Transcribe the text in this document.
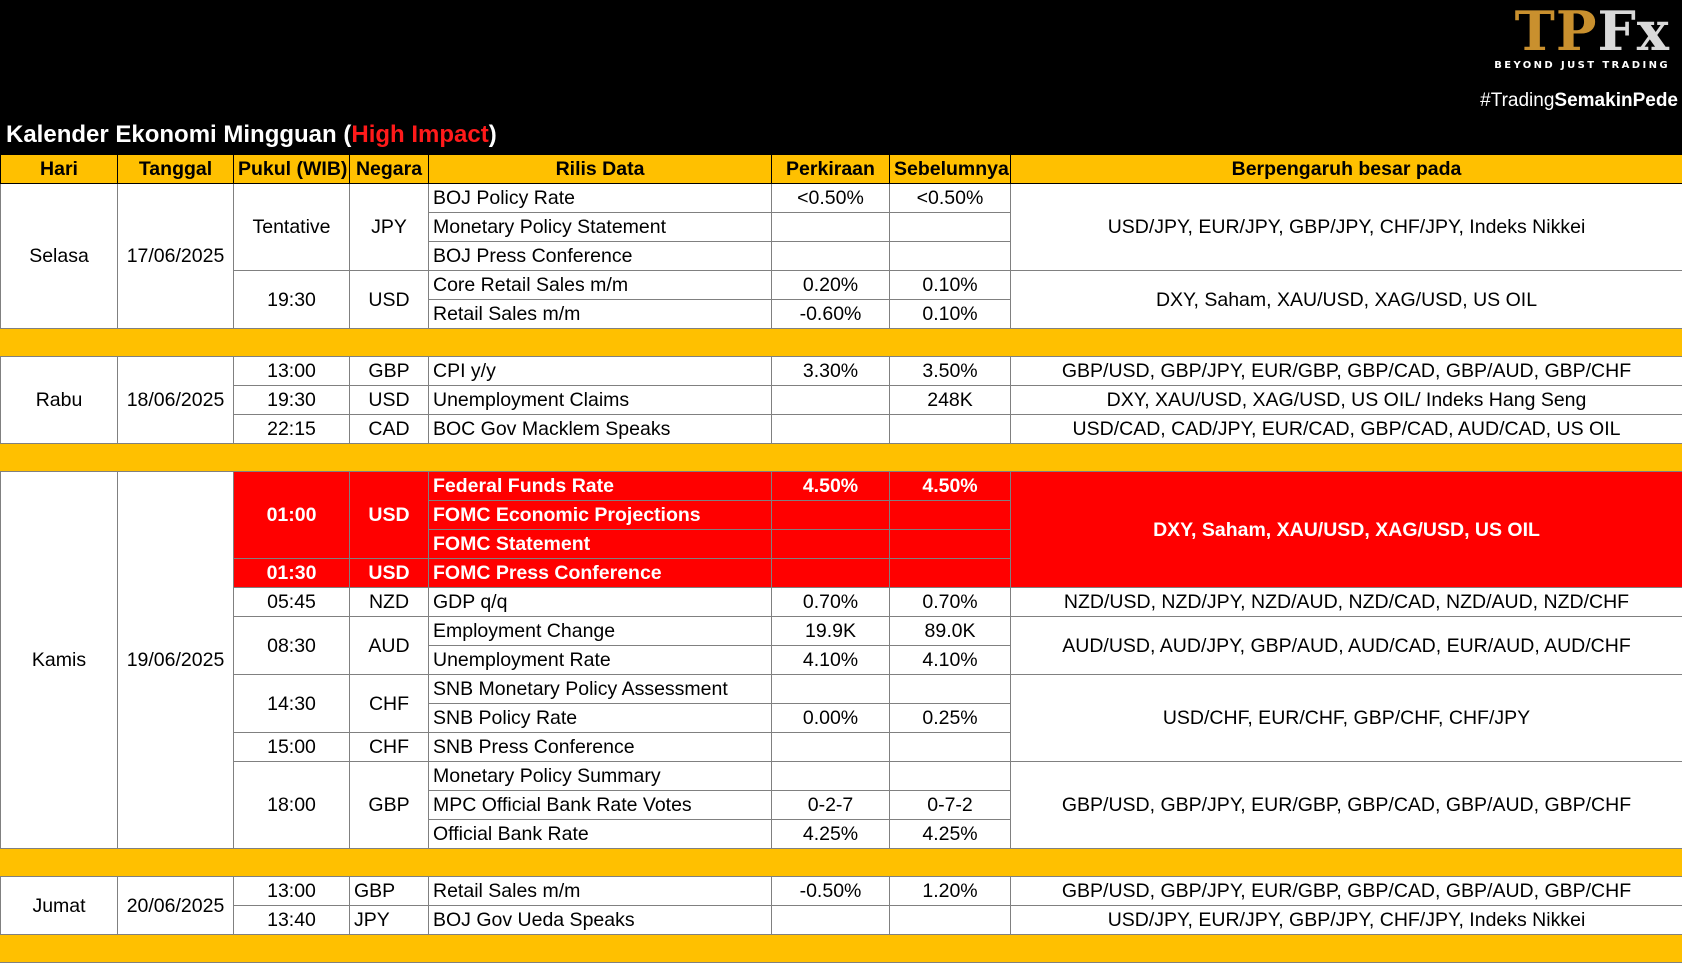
TPFx
BEYOND JUST TRADING
#TradingSemakinPede
Kalender Ekonomi Mingguan (High Impact)
Hari	Tanggal	Pukul (WIB)	Negara	Rilis Data	Perkiraan	Sebelumnya	Berpengaruh besar pada
Selasa	17/06/2025	Tentative	JPY	BOJ Policy Rate	<0.50%	<0.50%	USD/JPY, EUR/JPY, GBP/JPY, CHF/JPY, Indeks Nikkei
				Monetary Policy Statement			
				BOJ Press Conference			
		19:30	USD	Core Retail Sales m/m	0.20%	0.10%	DXY, Saham, XAU/USD, XAG/USD, US OIL
				Retail Sales m/m	-0.60%	0.10%	

Rabu	18/06/2025	13:00	GBP	CPI y/y	3.30%	3.50%	GBP/USD, GBP/JPY, EUR/GBP, GBP/CAD, GBP/AUD, GBP/CHF
		19:30	USD	Unemployment Claims		248K	DXY, XAU/USD, XAG/USD, US OIL/ Indeks Hang Seng
		22:15	CAD	BOC Gov Macklem Speaks			USD/CAD, CAD/JPY, EUR/CAD, GBP/CAD, AUD/CAD, US OIL

Kamis	19/06/2025	01:00	USD	Federal Funds Rate	4.50%	4.50%	DXY, Saham, XAU/USD, XAG/USD, US OIL
				FOMC Economic Projections			
				FOMC Statement			
		01:30	USD	FOMC Press Conference			
		05:45	NZD	GDP q/q	0.70%	0.70%	NZD/USD, NZD/JPY, NZD/AUD, NZD/CAD, NZD/AUD, NZD/CHF
		08:30	AUD	Employment Change	19.9K	89.0K	AUD/USD, AUD/JPY, GBP/AUD, AUD/CAD, EUR/AUD, AUD/CHF
				Unemployment Rate	4.10%	4.10%	
		14:30	CHF	SNB Monetary Policy Assessment			USD/CHF, EUR/CHF, GBP/CHF, CHF/JPY
				SNB Policy Rate	0.00%	0.25%	
		15:00	CHF	SNB Press Conference			
		18:00	GBP	Monetary Policy Summary			GBP/USD, GBP/JPY, EUR/GBP, GBP/CAD, GBP/AUD, GBP/CHF
				MPC Official Bank Rate Votes	0-2-7	0-7-2	
				Official Bank Rate	4.25%	4.25%	

Jumat	20/06/2025	13:00	GBP	Retail Sales m/m	-0.50%	1.20%	GBP/USD, GBP/JPY, EUR/GBP, GBP/CAD, GBP/AUD, GBP/CHF
		13:40	JPY	BOJ Gov Ueda Speaks			USD/JPY, EUR/JPY, GBP/JPY, CHF/JPY, Indeks Nikkei
